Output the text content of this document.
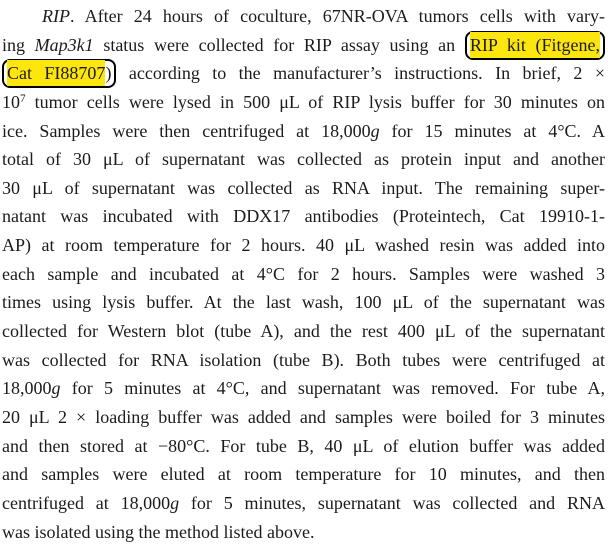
RIP. After 24 hours of coculture, 67NR-OVA tumors cells with vary-
ing Map3k1 status were collected for RIP assay using an RIP kit (Fitgene,
Cat FI88707) according to the manufacturer’s instructions. In brief, 2 ×
$10^7$ tumor cells were lysed in 500 μL of RIP lysis buffer for 30 minutes on
ice. Samples were then centrifuged at 18,000g for 15 minutes at 4°C. A
total of 30 μL of supernatant was collected as protein input and another
30 μL of supernatant was collected as RNA input. The remaining super-
natant was incubated with DDX17 antibodies (Proteintech, Cat 19910-1-
AP) at room temperature for 2 hours. 40 μL washed resin was added into
each sample and incubated at 4°C for 2 hours. Samples were washed 3
times using lysis buffer. At the last wash, 100 μL of the supernatant was
collected for Western blot (tube A), and the rest 400 μL of the supernatant
was collected for RNA isolation (tube B). Both tubes were centrifuged at
18,000g for 5 minutes at 4°C, and supernatant was removed. For tube A,
20 μL 2 × loading buffer was added and samples were boiled for 3 minutes
and then stored at −80°C. For tube B, 40 μL of elution buffer was added
and samples were eluted at room temperature for 10 minutes, and then
centrifuged at 18,000g for 5 minutes, supernatant was collected and RNA
was isolated using the method listed above.
